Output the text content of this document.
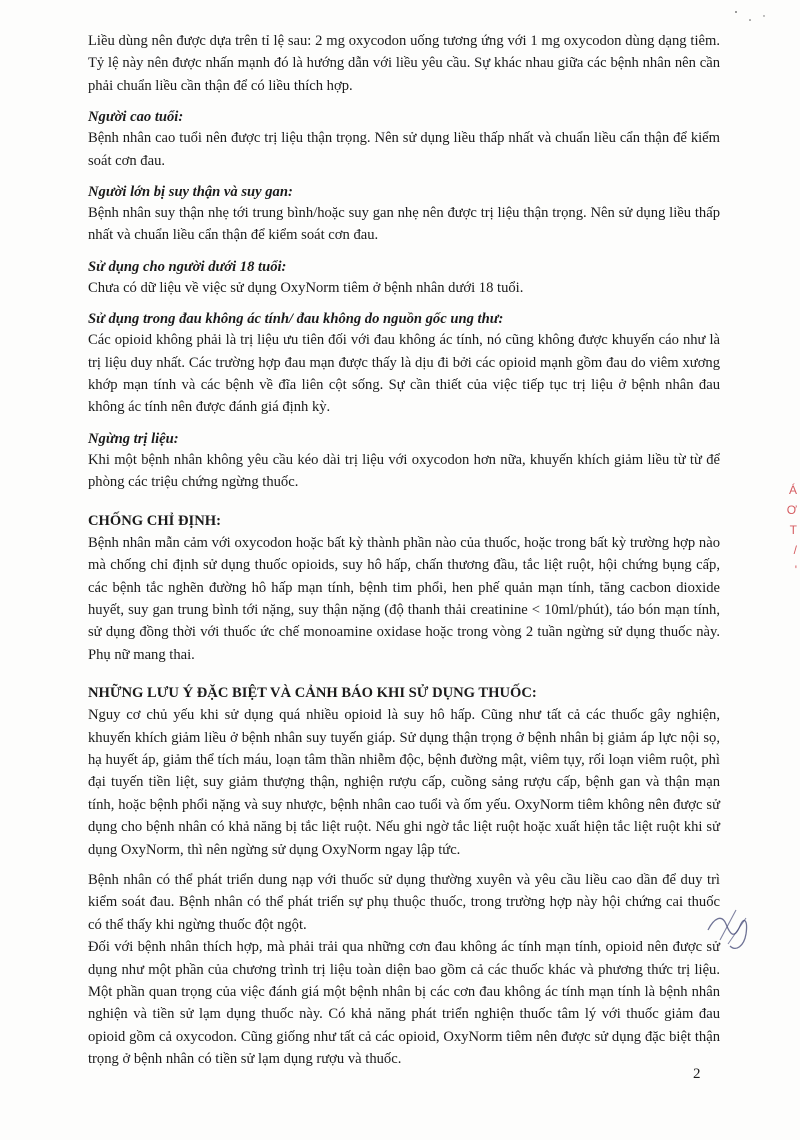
Liều dùng nên được dựa trên tỉ lệ sau: 2 mg oxycodon uống tương ứng với 1 mg oxycodon dùng dạng tiêm. Tỷ lệ này nên được nhấn mạnh đó là hướng dẫn với liều yêu cầu. Sự khác nhau giữa các bệnh nhân nên cần phải chuẩn liều cần thận để có liều thích hợp.

Người cao tuổi:

Bệnh nhân cao tuổi nên được trị liệu thận trọng. Nên sử dụng liều thấp nhất và chuẩn liều cẩn thận để kiểm soát cơn đau.

Người lớn bị suy thận và suy gan:

Bệnh nhân suy thận nhẹ tới trung bình/hoặc suy gan nhẹ nên được trị liệu thận trọng. Nên sử dụng liều thấp nhất và chuẩn liều cẩn thận để kiểm soát cơn đau.

Sử dụng cho người dưới 18 tuổi:

Chưa có dữ liệu về việc sử dụng OxyNorm tiêm ở bệnh nhân dưới 18 tuổi.

Sử dụng trong đau không ác tính/ đau không do nguồn gốc ung thư:

Các opioid không phải là trị liệu ưu tiên đối với đau không ác tính, nó cũng không được khuyến cáo như là trị liệu duy nhất. Các trường hợp đau mạn được thấy là dịu đi bởi các opioid mạnh gồm đau do viêm xương khớp mạn tính và các bệnh về đĩa liên cột sống. Sự cần thiết của việc tiếp tục trị liệu ở bệnh nhân đau không ác tính nên được đánh giá định kỳ.

Ngừng trị liệu:

Khi một bệnh nhân không yêu cầu kéo dài trị liệu với oxycodon hơn nữa, khuyến khích giảm liều từ từ để phòng các triệu chứng ngừng thuốc.

CHỐNG CHỈ ĐỊNH:

Bệnh nhân mẫn cảm với oxycodon hoặc bất kỳ thành phần nào của thuốc, hoặc trong bất kỳ trường hợp nào mà chống chỉ định sử dụng thuốc opioids, suy hô hấp, chấn thương đầu, tắc liệt ruột, hội chứng bụng cấp, các bệnh tắc nghẽn đường hô hấp mạn tính, bệnh tim phổi, hen phế quản mạn tính, tăng cacbon dioxide huyết, suy gan trung bình tới nặng, suy thận nặng (độ thanh thải creatinine < 10ml/phút), táo bón mạn tính, sử dụng đồng thời với thuốc ức chế monoamine oxidase hoặc trong vòng 2 tuần ngừng sử dụng thuốc này. Phụ nữ mang thai.

NHỮNG LƯU Ý ĐẶC BIỆT VÀ CẢNH BÁO KHI SỬ DỤNG THUỐC:

Nguy cơ chủ yếu khi sử dụng quá nhiều opioid là suy hô hấp. Cũng như tất cả các thuốc gây nghiện, khuyến khích giảm liều ở bệnh nhân suy tuyến giáp. Sử dụng thận trọng ở bệnh nhân bị giảm áp lực nội sọ, hạ huyết áp, giảm thể tích máu, loạn tâm thần nhiễm độc, bệnh đường mật, viêm tụy, rối loạn viêm ruột, phì đại tuyến tiền liệt, suy giảm thượng thận, nghiện rượu cấp, cuồng sảng rượu cấp, bệnh gan và thận mạn tính, hoặc bệnh phổi nặng và suy nhược, bệnh nhân cao tuổi và ốm yếu. OxyNorm tiêm không nên được sử dụng cho bệnh nhân có khả năng bị tắc liệt ruột. Nếu ghi ngờ tắc liệt ruột hoặc xuất hiện tắc liệt ruột khi sử dụng OxyNorm, thì nên ngừng sử dụng OxyNorm ngay lập tức.

Bệnh nhân có thể phát triển dung nạp với thuốc sử dụng thường xuyên và yêu cầu liều cao dần để duy trì kiểm soát đau. Bệnh nhân có thể phát triển sự phụ thuộc thuốc, trong trường hợp này hội chứng cai thuốc có thể thấy khi ngừng thuốc đột ngột.

Đối với bệnh nhân thích hợp, mà phải trải qua những cơn đau không ác tính mạn tính, opioid nên được sử dụng như một phần của chương trình trị liệu toàn diện bao gồm cả các thuốc khác và phương thức trị liệu. Một phần quan trọng của việc đánh giá một bệnh nhân bị các cơn đau không ác tính mạn tính là bệnh nhân nghiện và tiền sử lạm dụng thuốc này. Có khả năng phát triển nghiện thuốc tâm lý với thuốc giảm đau opioid gồm cả oxycodon. Cũng giống như tất cả các opioid, OxyNorm tiêm nên được sử dụng đặc biệt thận trọng ở bệnh nhân có tiền sử lạm dụng rượu và thuốc.

Á
Ơ
T
/
'
2
